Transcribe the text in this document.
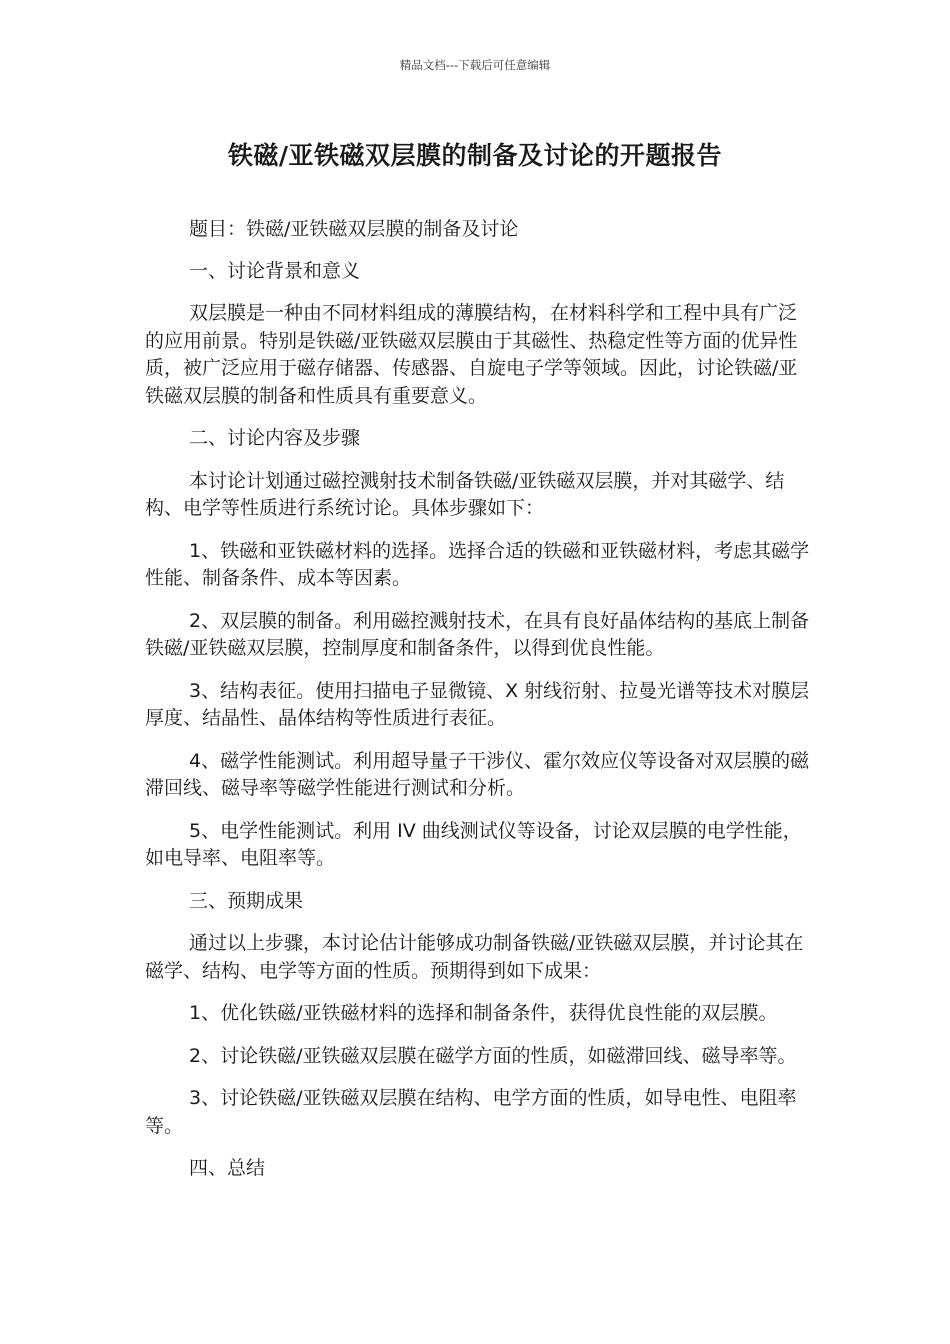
精品文档---下载后可任意编辑
铁磁/亚铁磁双层膜的制备及讨论的开题报告

题目：铁磁/亚铁磁双层膜的制备及讨论

一、讨论背景和意义

双层膜是一种由不同材料组成的薄膜结构，在材料科学和工程中具有广泛的应用前景。特别是铁磁/亚铁磁双层膜由于其磁性、热稳定性等方面的优异性质，被广泛应用于磁存储器、传感器、自旋电子学等领域。因此，讨论铁磁/亚铁磁双层膜的制备和性质具有重要意义。

二、讨论内容及步骤

本讨论计划通过磁控溅射技术制备铁磁/亚铁磁双层膜，并对其磁学、结构、电学等性质进行系统讨论。具体步骤如下：

1、铁磁和亚铁磁材料的选择。选择合适的铁磁和亚铁磁材料，考虑其磁学性能、制备条件、成本等因素。

2、双层膜的制备。利用磁控溅射技术，在具有良好晶体结构的基底上制备铁磁/亚铁磁双层膜，控制厚度和制备条件，以得到优良性能。

3、结构表征。使用扫描电子显微镜、X 射线衍射、拉曼光谱等技术对膜层厚度、结晶性、晶体结构等性质进行表征。

4、磁学性能测试。利用超导量子干涉仪、霍尔效应仪等设备对双层膜的磁滞回线、磁导率等磁学性能进行测试和分析。

5、电学性能测试。利用 IV 曲线测试仪等设备，讨论双层膜的电学性能，如电导率、电阻率等。

三、预期成果

通过以上步骤，本讨论估计能够成功制备铁磁/亚铁磁双层膜，并讨论其在磁学、结构、电学等方面的性质。预期得到如下成果：

1、优化铁磁/亚铁磁材料的选择和制备条件，获得优良性能的双层膜。

2、讨论铁磁/亚铁磁双层膜在磁学方面的性质，如磁滞回线、磁导率等。

3、讨论铁磁/亚铁磁双层膜在结构、电学方面的性质，如导电性、电阻率等。

四、总结
